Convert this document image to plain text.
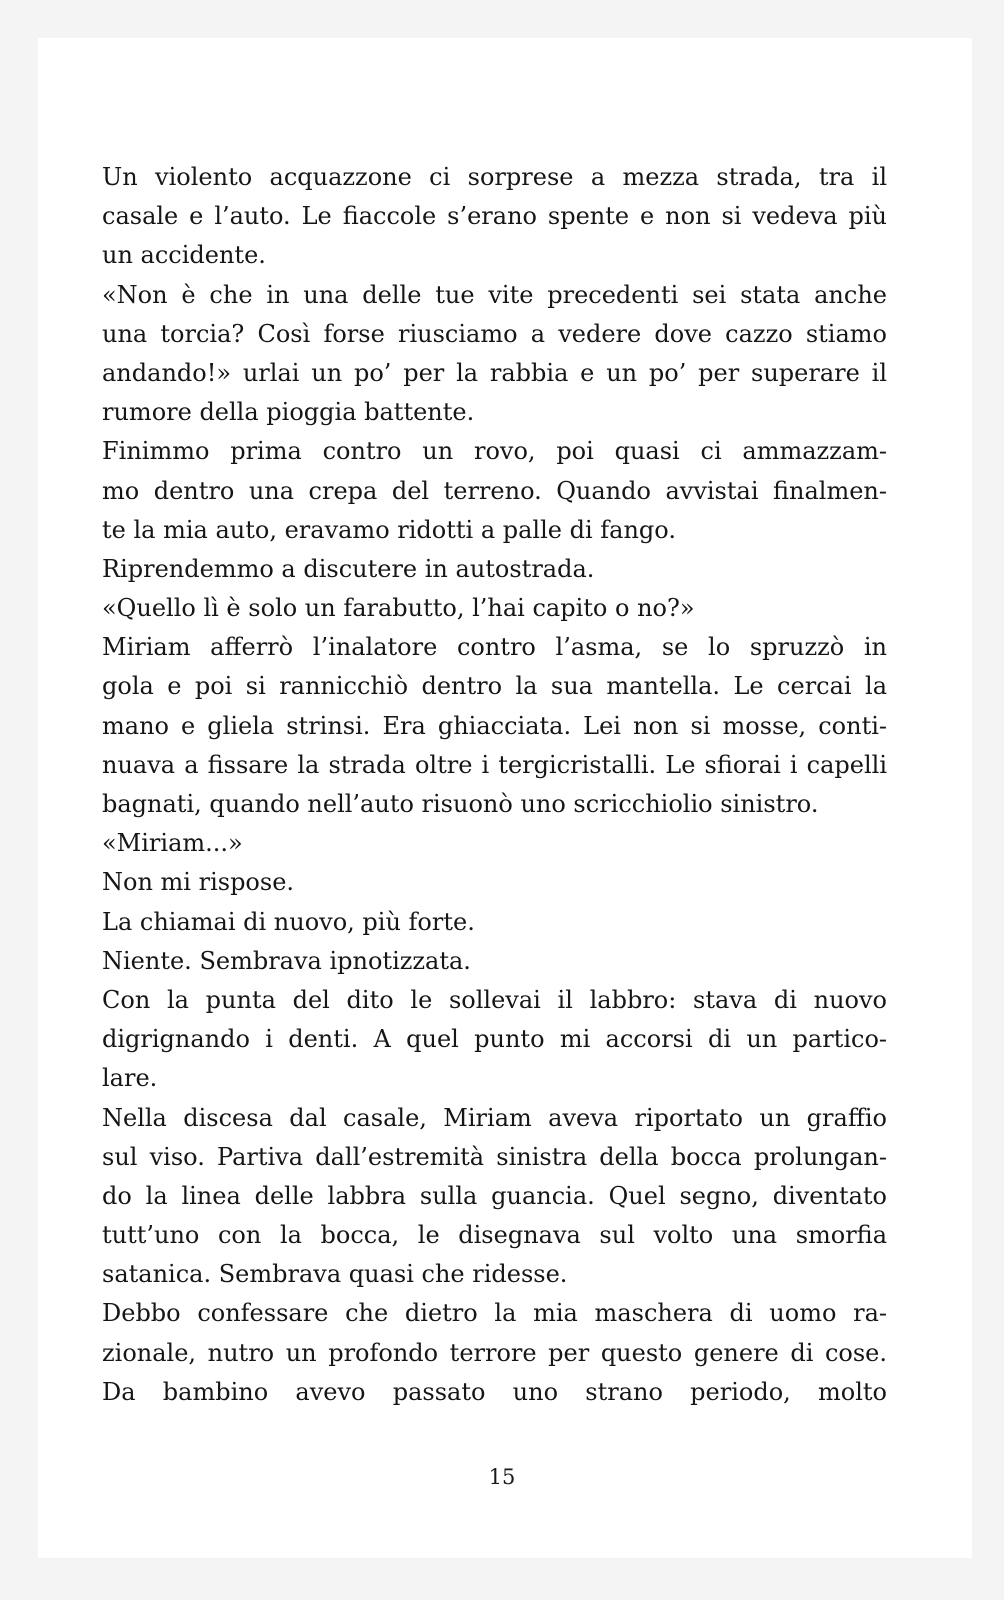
Un violento acquazzone ci sorprese a mezza strada, tra il
casale e l’auto. Le fiaccole s’erano spente e non si vedeva più
un accidente.
«Non è che in una delle tue vite precedenti sei stata anche
una torcia? Così forse riusciamo a vedere dove cazzo stiamo
andando!» urlai un po’ per la rabbia e un po’ per superare il
rumore della pioggia battente.
Finimmo prima contro un rovo, poi quasi ci ammazzam-
mo dentro una crepa del terreno. Quando avvistai finalmen-
te la mia auto, eravamo ridotti a palle di fango.
Riprendemmo a discutere in autostrada.
«Quello lì è solo un farabutto, l’hai capito o no?»
Miriam afferrò l’inalatore contro l’asma, se lo spruzzò in
gola e poi si rannicchiò dentro la sua mantella. Le cercai la
mano e gliela strinsi. Era ghiacciata. Lei non si mosse, conti-
nuava a fissare la strada oltre i tergicristalli. Le sfiorai i capelli
bagnati, quando nell’auto risuonò uno scricchiolio sinistro.
«Miriam...»
Non mi rispose.
La chiamai di nuovo, più forte.
Niente. Sembrava ipnotizzata.
Con la punta del dito le sollevai il labbro: stava di nuovo
digrignando i denti. A quel punto mi accorsi di un partico-
lare.
Nella discesa dal casale, Miriam aveva riportato un graffio
sul viso. Partiva dall’estremità sinistra della bocca prolungan-
do la linea delle labbra sulla guancia. Quel segno, diventato
tutt’uno con la bocca, le disegnava sul volto una smorfia
satanica. Sembrava quasi che ridesse.
Debbo confessare che dietro la mia maschera di uomo ra-
zionale, nutro un profondo terrore per questo genere di cose.
Da bambino avevo passato uno strano periodo, molto
15
